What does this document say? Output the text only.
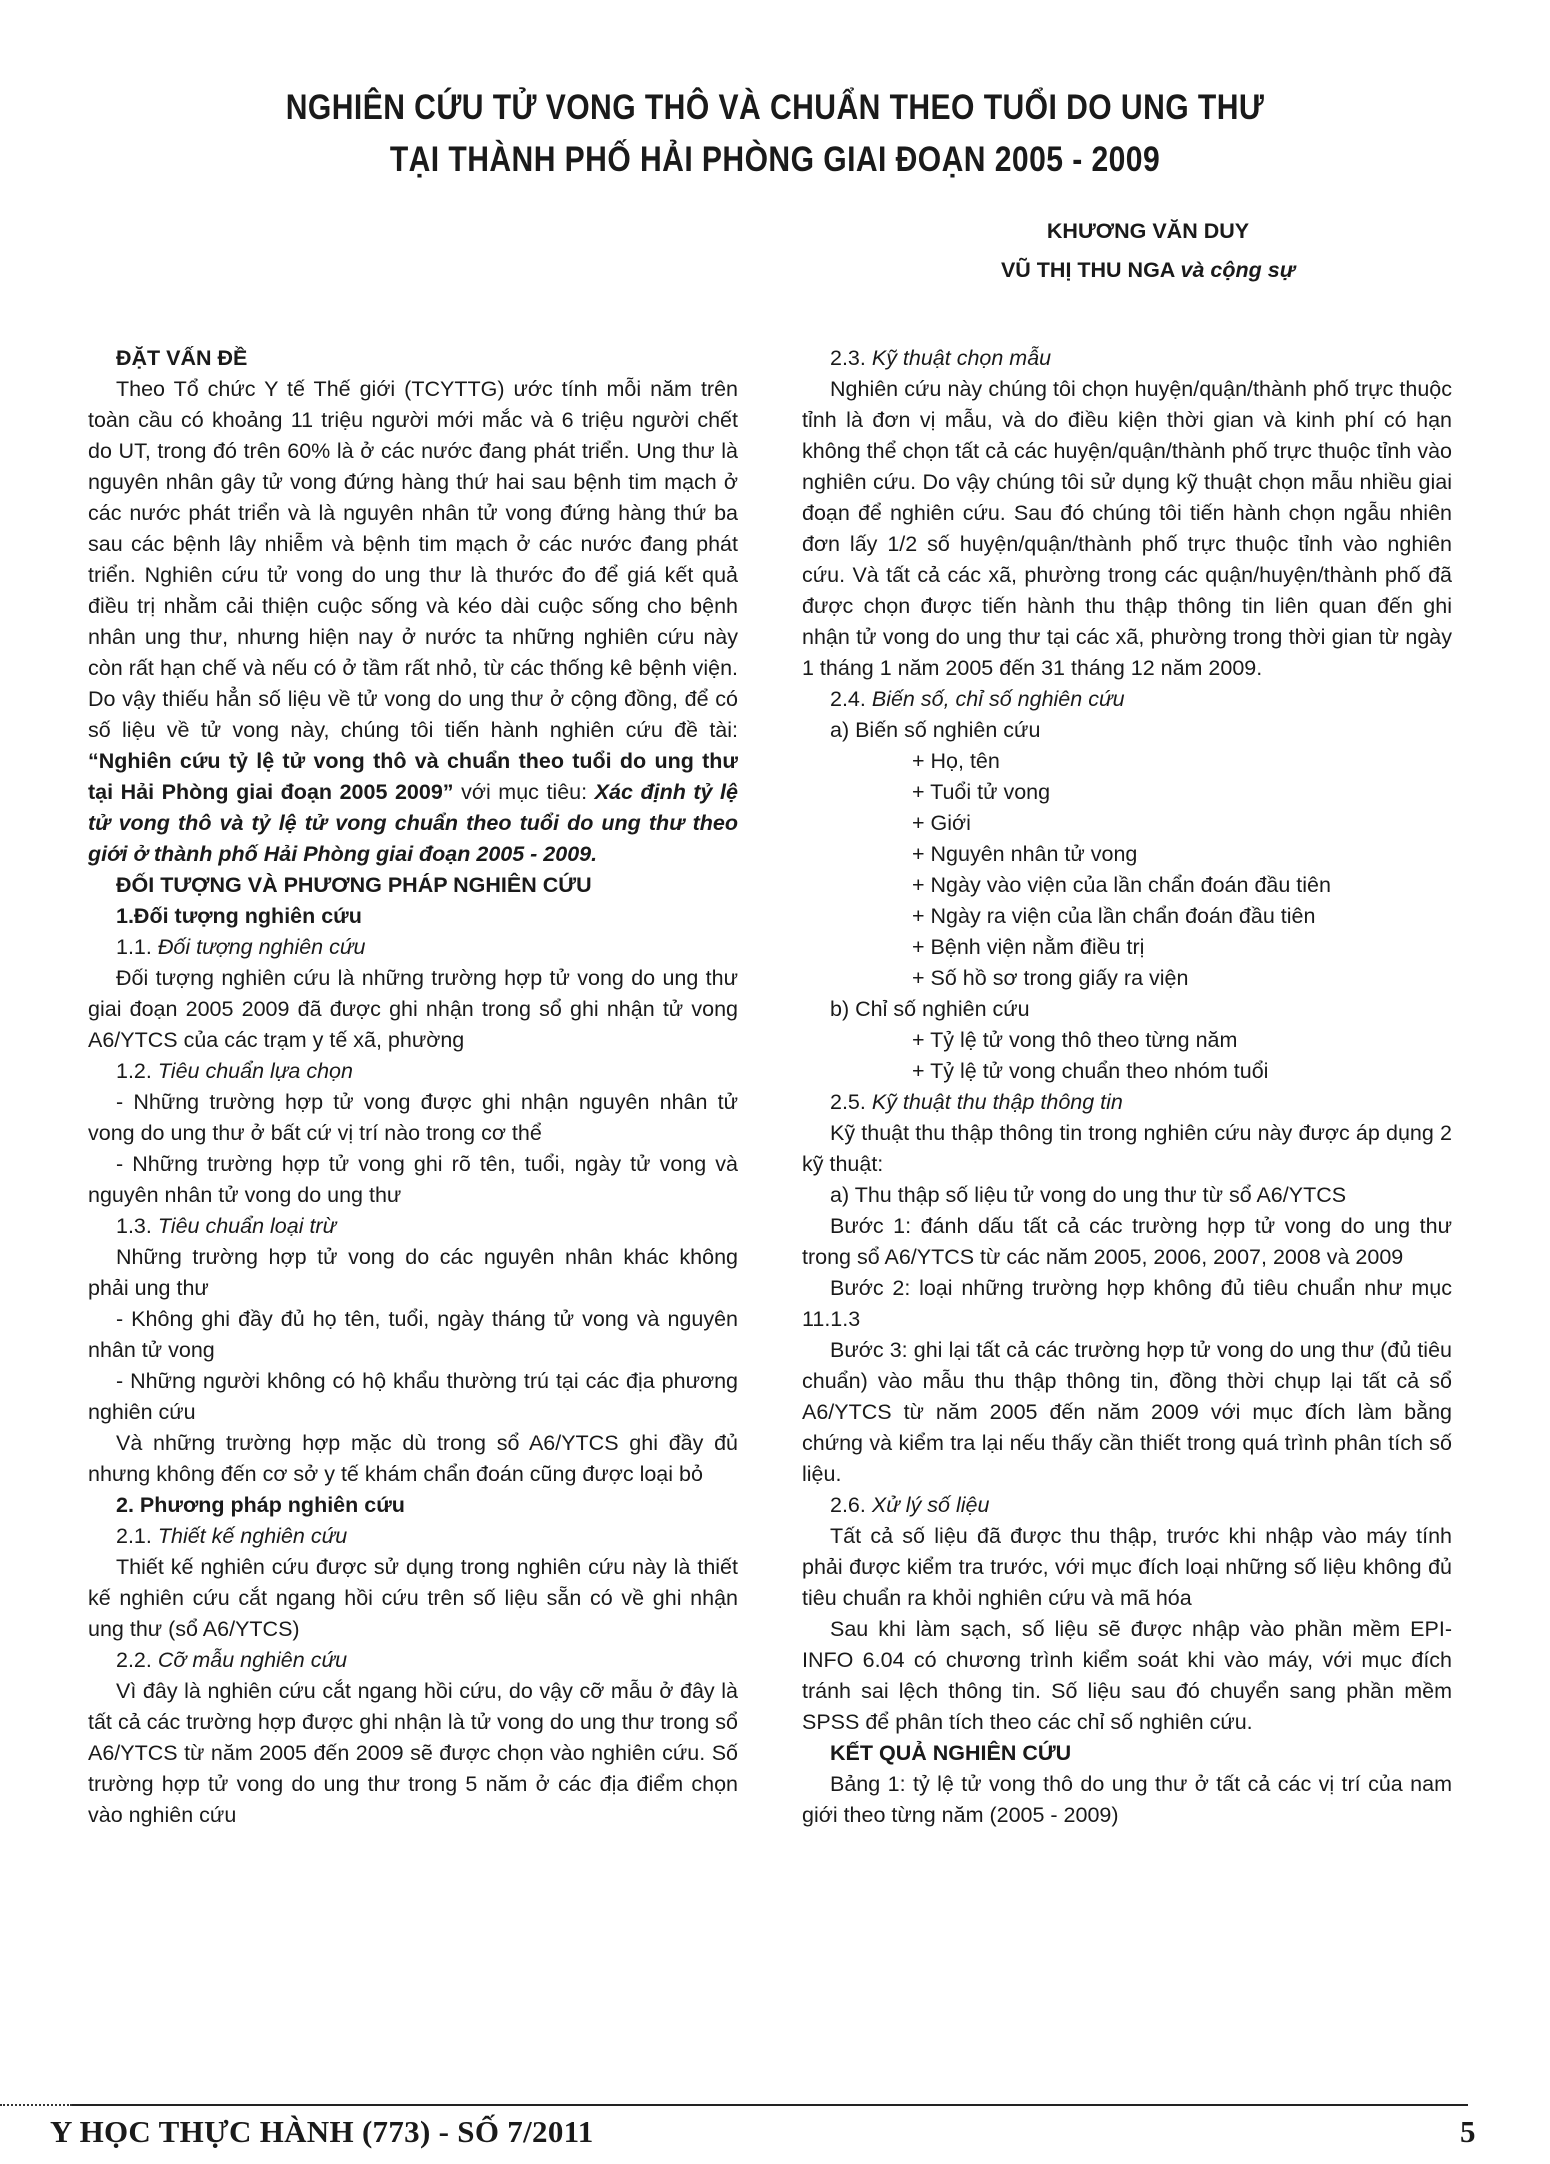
NGHIÊN CỨU TỬ VONG THÔ VÀ CHUẨN THEO TUỔI DO UNG THƯ
TẠI THÀNH PHỐ HẢI PHÒNG GIAI ĐOẠN 2005 - 2009
KHƯƠNG VĂN DUY
VŨ THỊ THU NGA và cộng sự

ĐẶT VẤN ĐỀ

Theo Tổ chức Y tế Thế giới (TCYTTG) ước tính mỗi năm trên toàn cầu có khoảng 11 triệu người mới mắc và 6 triệu người chết do UT, trong đó trên 60% là ở các nước đang phát triển. Ung thư là nguyên nhân gây tử vong đứng hàng thứ hai sau bệnh tim mạch ở các nước phát triển và là nguyên nhân tử vong đứng hàng thứ ba sau các bệnh lây nhiễm và bệnh tim mạch ở các nước đang phát triển. Nghiên cứu tử vong do ung thư là thước đo để giá kết quả điều trị nhằm cải thiện cuộc sống và kéo dài cuộc sống cho bệnh nhân ung thư, nhưng hiện nay ở nước ta những nghiên cứu này còn rất hạn chế và nếu có ở tầm rất nhỏ, từ các thống kê bệnh viện. Do vậy thiếu hẳn số liệu về tử vong do ung thư ở cộng đồng, để có số liệu về tử vong này, chúng tôi tiến hành nghiên cứu đề tài: “Nghiên cứu tỷ lệ tử vong thô và chuẩn theo tuổi do ung thư tại Hải Phòng giai đoạn 2005 2009” với mục tiêu: Xác định tỷ lệ tử vong thô và tỷ lệ tử vong chuẩn theo tuổi do ung thư theo giới ở thành phố Hải Phòng giai đoạn 2005 - 2009.

ĐỐI TƯỢNG VÀ PHƯƠNG PHÁP NGHIÊN CỨU

1.Đối tượng nghiên cứu

1.1. Đối tượng nghiên cứu

Đối tượng nghiên cứu là những trường hợp tử vong do ung thư giai đoạn 2005 2009 đã được ghi nhận trong sổ ghi nhận tử vong A6/YTCS của các trạm y tế xã, phường

1.2. Tiêu chuẩn lựa chọn

- Những trường hợp tử vong được ghi nhận nguyên nhân tử vong do ung thư ở bất cứ vị trí nào trong cơ thể

- Những trường hợp tử vong ghi rõ tên, tuổi, ngày tử vong và nguyên nhân tử vong do ung thư

1.3. Tiêu chuẩn loại trừ

Những trường hợp tử vong do các nguyên nhân khác không phải ung thư

- Không ghi đầy đủ họ tên, tuổi, ngày tháng tử vong và nguyên nhân tử vong

- Những người không có hộ khẩu thường trú tại các địa phương nghiên cứu

Và những trường hợp mặc dù trong sổ A6/YTCS ghi đầy đủ nhưng không đến cơ sở y tế khám chẩn đoán cũng được loại bỏ

2. Phương pháp nghiên cứu

2.1. Thiết kế nghiên cứu

Thiết kế nghiên cứu được sử dụng trong nghiên cứu này là thiết kế nghiên cứu cắt ngang hồi cứu trên số liệu sẵn có về ghi nhận ung thư (sổ A6/YTCS)

2.2. Cỡ mẫu nghiên cứu

Vì đây là nghiên cứu cắt ngang hồi cứu, do vậy cỡ mẫu ở đây là tất cả các trường hợp được ghi nhận là tử vong do ung thư trong sổ A6/YTCS từ năm 2005 đến 2009 sẽ được chọn vào nghiên cứu. Số trường hợp tử vong do ung thư trong 5 năm ở các địa điểm chọn vào nghiên cứu

2.3. Kỹ thuật chọn mẫu

Nghiên cứu này chúng tôi chọn huyện/quận/thành phố trực thuộc tỉnh là đơn vị mẫu, và do điều kiện thời gian và kinh phí có hạn không thể chọn tất cả các huyện/quận/thành phố trực thuộc tỉnh vào nghiên cứu. Do vậy chúng tôi sử dụng kỹ thuật chọn mẫu nhiều giai đoạn để nghiên cứu. Sau đó chúng tôi tiến hành chọn ngẫu nhiên đơn lấy 1/2 số huyện/quận/thành phố trực thuộc tỉnh vào nghiên cứu. Và tất cả các xã, phường trong các quận/huyện/thành phố đã được chọn được tiến hành thu thập thông tin liên quan đến ghi nhận tử vong do ung thư tại các xã, phường trong thời gian từ ngày 1 tháng 1 năm 2005 đến 31 tháng 12 năm 2009.

2.4. Biến số, chỉ số nghiên cứu

a) Biến số nghiên cứu

+ Họ, tên

+ Tuổi tử vong

+ Giới

+ Nguyên nhân tử vong

+ Ngày vào viện của lần chẩn đoán đầu tiên

+ Ngày ra viện của lần chẩn đoán đầu tiên

+ Bệnh viện nằm điều trị

+ Số hồ sơ trong giấy ra viện

b) Chỉ số nghiên cứu

+ Tỷ lệ tử vong thô theo từng năm

+ Tỷ lệ tử vong chuẩn theo nhóm tuổi

2.5. Kỹ thuật thu thập thông tin

Kỹ thuật thu thập thông tin trong nghiên cứu này được áp dụng 2 kỹ thuật:

a) Thu thập số liệu tử vong do ung thư từ sổ A6/YTCS

Bước 1: đánh dấu tất cả các trường hợp tử vong do ung thư trong sổ A6/YTCS từ các năm 2005, 2006, 2007, 2008 và 2009

Bước 2: loại những trường hợp không đủ tiêu chuẩn như mục 11.1.3

Bước 3: ghi lại tất cả các trường hợp tử vong do ung thư (đủ tiêu chuẩn) vào mẫu thu thập thông tin, đồng thời chụp lại tất cả sổ A6/YTCS từ năm 2005 đến năm 2009 với mục đích làm bằng chứng và kiểm tra lại nếu thấy cần thiết trong quá trình phân tích số liệu.

2.6. Xử lý số liệu

Tất cả số liệu đã được thu thập, trước khi nhập vào máy tính phải được kiểm tra trước, với mục đích loại những số liệu không đủ tiêu chuẩn ra khỏi nghiên cứu và mã hóa

Sau khi làm sạch, số liệu sẽ được nhập vào phần mềm EPI-INFO 6.04 có chương trình kiểm soát khi vào máy, với mục đích tránh sai lệch thông tin. Số liệu sau đó chuyển sang phần mềm SPSS để phân tích theo các chỉ số nghiên cứu.

KẾT QUẢ NGHIÊN CỨU

Bảng 1: tỷ lệ tử vong thô do ung thư ở tất cả các vị trí của nam giới theo từng năm (2005 - 2009)

Y HỌC THỰC HÀNH (773) - SỐ 7/2011	5
